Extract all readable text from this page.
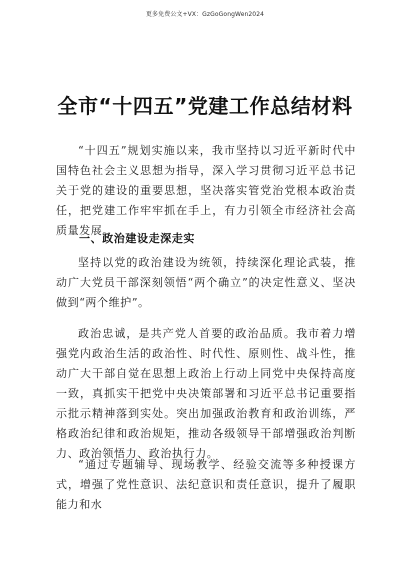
更多免费公文+VX：GzGoGongWen2024
全市“十四五”党建工作总结材料

“十四五”规划实施以来，我市坚持以习近平新时代中国特色社会主义思想为指导，深入学习贯彻习近平总书记关于党的建设的重要思想，坚决落实管党治党根本政治责任，把党建工作牢牢抓在手上，有力引领全市经济社会高质量发展。

一、政治建设走深走实

坚持以党的政治建设为统领，持续深化理论武装，推动广大党员干部深刻领悟“两个确立”的决定性意义、坚决做到“两个维护”。

政治忠诚，是共产党人首要的政治品质。我市着力增强党内政治生活的政治性、时代性、原则性、战斗性，推动广大干部自觉在思想上政治上行动上同党中央保持高度一致，真抓实干把党中央决策部署和习近平总书记重要指示批示精神落到实处。突出加强政治教育和政治训练，严格政治纪律和政治规矩，推动各级领导干部增强政治判断力、政治领悟力、政治执行力。

“通过专题辅导、现场教学、经验交流等多种授课方式，增强了党性意识、法纪意识和责任意识，提升了履职能力和水
